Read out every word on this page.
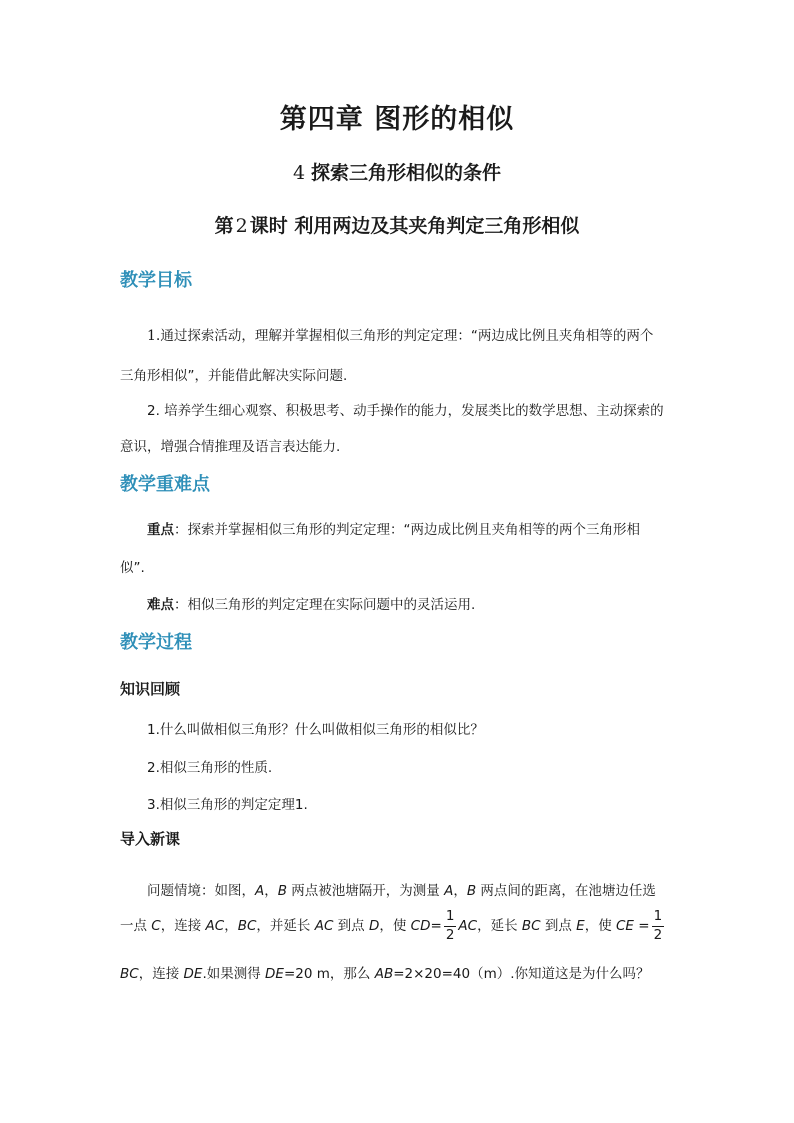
第四章 图形的相似
4 探索三角形相似的条件
第 2 课时 利用两边及其夹角判定三角形相似
教学目标
1.通过探索活动，理解并掌握相似三角形的判定定理：“两边成比例且夹角相等的两个
三角形相似”，并能借此解决实际问题.
2. 培养学生细心观察、积极思考、动手操作的能力，发展类比的数学思想、主动探索的
意识，增强合情推理及语言表达能力.
教学重难点
重点：探索并掌握相似三角形的判定定理：“两边成比例且夹角相等的两个三角形相
似”.
难点：相似三角形的判定定理在实际问题中的灵活运用.
教学过程
知识回顾
1.什么叫做相似三角形？什么叫做相似三角形的相似比？
2.相似三角形的性质.
3.相似三角形的判定定理1.
导入新课
问题情境：如图，A，B 两点被池塘隔开，为测量 A，B 两点间的距离，在池塘边任选
一点 C，连接 AC，BC，并延长 AC 到点 D，使 $CD= \frac{1}{2}$ AC，延长 BC 到点 E，使 CE = $\frac{1}{2}$
BC，连接 DE.如果测得 DE=20 m，那么 AB=2×20=40（m）.你知道这是为什么吗？
